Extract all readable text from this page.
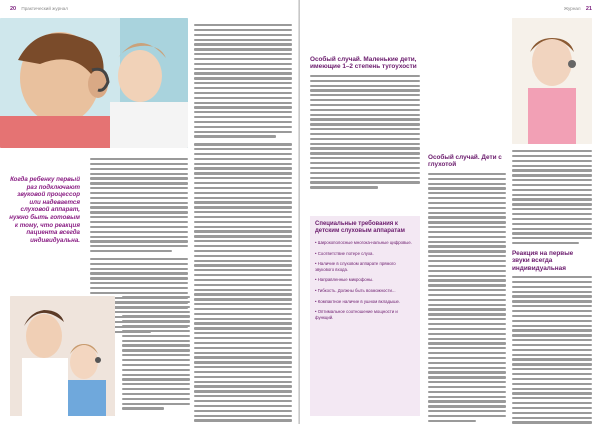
20 Практический журнал
Когда ребенку первый раз подключают звуковой процессор или надевается слуховой аппарат, нужно быть готовым к тому, что реакция пациента всегда индивидуальна.
Журнал 21
Особый случай. Маленькие дети, имеющие 1–2 степень тугоухости
Специальные требования к детским слуховым аппаратам
• Широкополосные многока-нальные цифровые.
• Соответствие потере слуха.
• Наличие в слуховом аппарате прямого звукового входа.
• Направленные микрофоны.
• Гибкость. Должны быть возможности...
• Компактное наличие в ушном вкладыше.
• Оптимальное соотношение мощности и функций.
Особый случай. Дети с глухотой
Реакция на первые звуки всегда индивидуальная
